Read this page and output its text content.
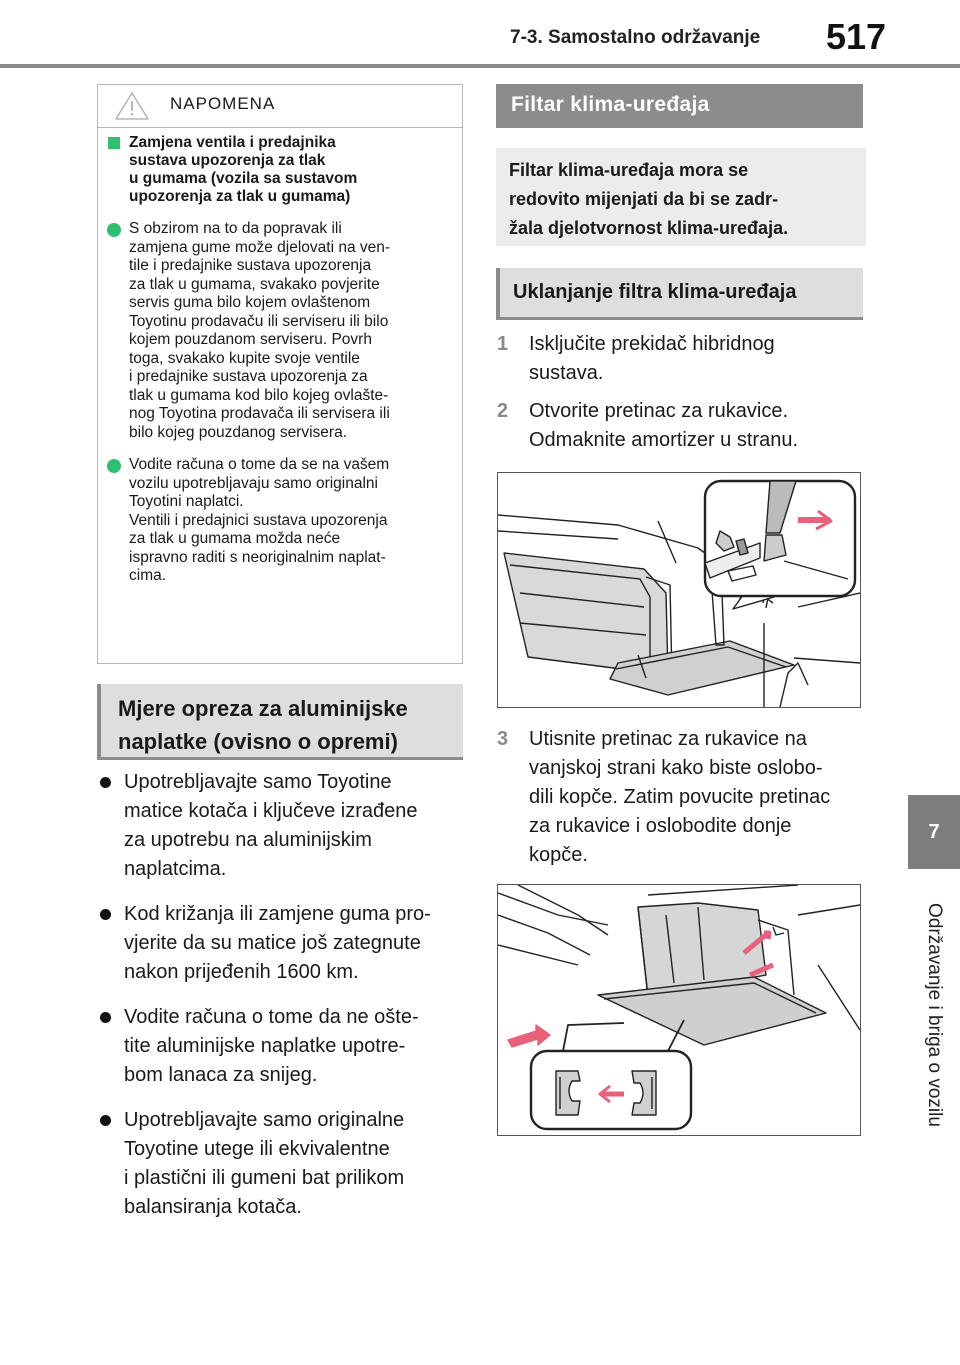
7-3. Samostalno održavanje 517
7
Održavanje i briga o vozilu
NAPOMENA
Zamjena ventila i predajnika
sustava upozorenja za tlak
u gumama (vozila sa sustavom
upozorenja za tlak u gumama)
S obzirom na to da popravak ili
zamjena gume može djelovati na ven-
tile i predajnike sustava upozorenja
za tlak u gumama, svakako povjerite
servis guma bilo kojem ovlaštenom
Toyotinu prodavaču ili serviseru ili bilo
kojem pouzdanom serviseru. Povrh
toga, svakako kupite svoje ventile
i predajnike sustava upozorenja za
tlak u gumama kod bilo kojeg ovlašte-
nog Toyotina prodavača ili servisera ili
bilo kojeg pouzdanog servisera.
Vodite računa o tome da se na vašem
vozilu upotrebljavaju samo originalni
Toyotini naplatci.
Ventili i predajnici sustava upozorenja
za tlak u gumama možda neće
ispravno raditi s neoriginalnim naplat-
cima.
Mjere opreza za aluminijske
naplatke (ovisno o opremi)
Upotrebljavajte samo Toyotine
matice kotača i ključeve izrađene
za upotrebu na aluminijskim
naplatcima.
Kod križanja ili zamjene guma pro-
vjerite da su matice još zategnute
nakon prijeđenih 1600 km.
Vodite računa o tome da ne ošte-
tite aluminijske naplatke upotre-
bom lanaca za snijeg.
Upotrebljavajte samo originalne
Toyotine utege ili ekvivalentne
i plastični ili gumeni bat prilikom
balansiranja kotača.
Filtar klima-uređaja
Filtar klima-uređaja mora se
redovito mijenjati da bi se zadr-
žala djelotvornost klima-uređaja.
Uklanjanje filtra klima-uređaja
1 Isključite prekidač hibridnog
sustava.
2 Otvorite pretinac za rukavice.
Odmaknite amortizer u stranu.
3 Utisnite pretinac za rukavice na
vanjskoj strani kako biste oslobo-
dili kopče. Zatim povucite pretinac
za rukavice i oslobodite donje
kopče.
